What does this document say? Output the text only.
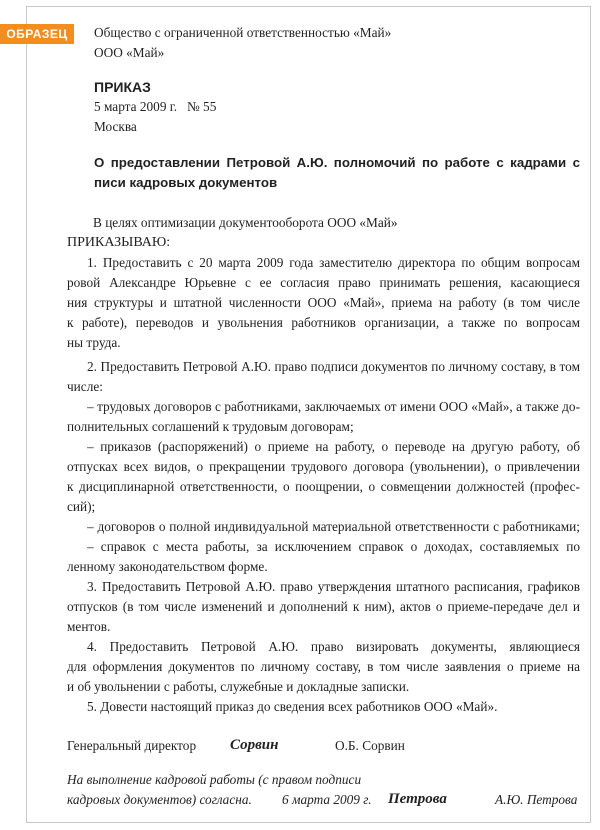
ОБРАЗЕЦ	Общество с ограниченной ответственностью «Май»
ООО «Май»
ПРИКАЗ
5 марта 2009 г.   № 55
Москва
О предоставлении Петровой А.Ю. полномочий по работе с кадрами с
писи кадровых документов
В целях оптимизации документооборота ООО «Май»
ПРИКАЗЫВАЮ:
1. Предоставить с 20 марта 2009 года заместителю директора по общим вопросам
ровой Александре Юрьевне с ее согласия право принимать решения, касающиеся
ния структуры и штатной численности ООО «Май», приема на работу (в том числе
к работе), переводов и увольнения работников организации, а также по вопросам
ны труда.
2. Предоставить Петровой А.Ю. право подписи документов по личному составу, в том
числе:
– трудовых договоров с работниками, заключаемых от имени ООО «Май», а также до-
полнительных соглашений к трудовым договорам;
– приказов (распоряжений) о приеме на работу, о переводе на другую работу, об
отпусках всех видов, о прекращении трудового договора (увольнении), о привлечении
к дисциплинарной ответственности, о поощрении, о совмещении должностей (профес-
сий);
– договоров о полной индивидуальной материальной ответственности с работниками;
– справок с места работы, за исключением справок о доходах, составляемых по
ленному законодательством форме.
3. Предоставить Петровой А.Ю. право утверждения штатного расписания, графиков
отпусков (в том числе изменений и дополнений к ним), актов о приеме-передаче дел и
ментов.
4. Предоставить Петровой А.Ю. право визировать документы, являющиеся
для оформления документов по личному составу, в том числе заявления о приеме на
и об увольнении с работы, служебные и докладные записки.
5. Довести настоящий приказ до сведения всех работников ООО «Май».
Генеральный директор Сорвин	О.Б. Сорвин
На выполнение кадровой работы (с правом подписи
кадровых документов) согласна. 6 марта 2009 г. Петрова	А.Ю. Петрова
